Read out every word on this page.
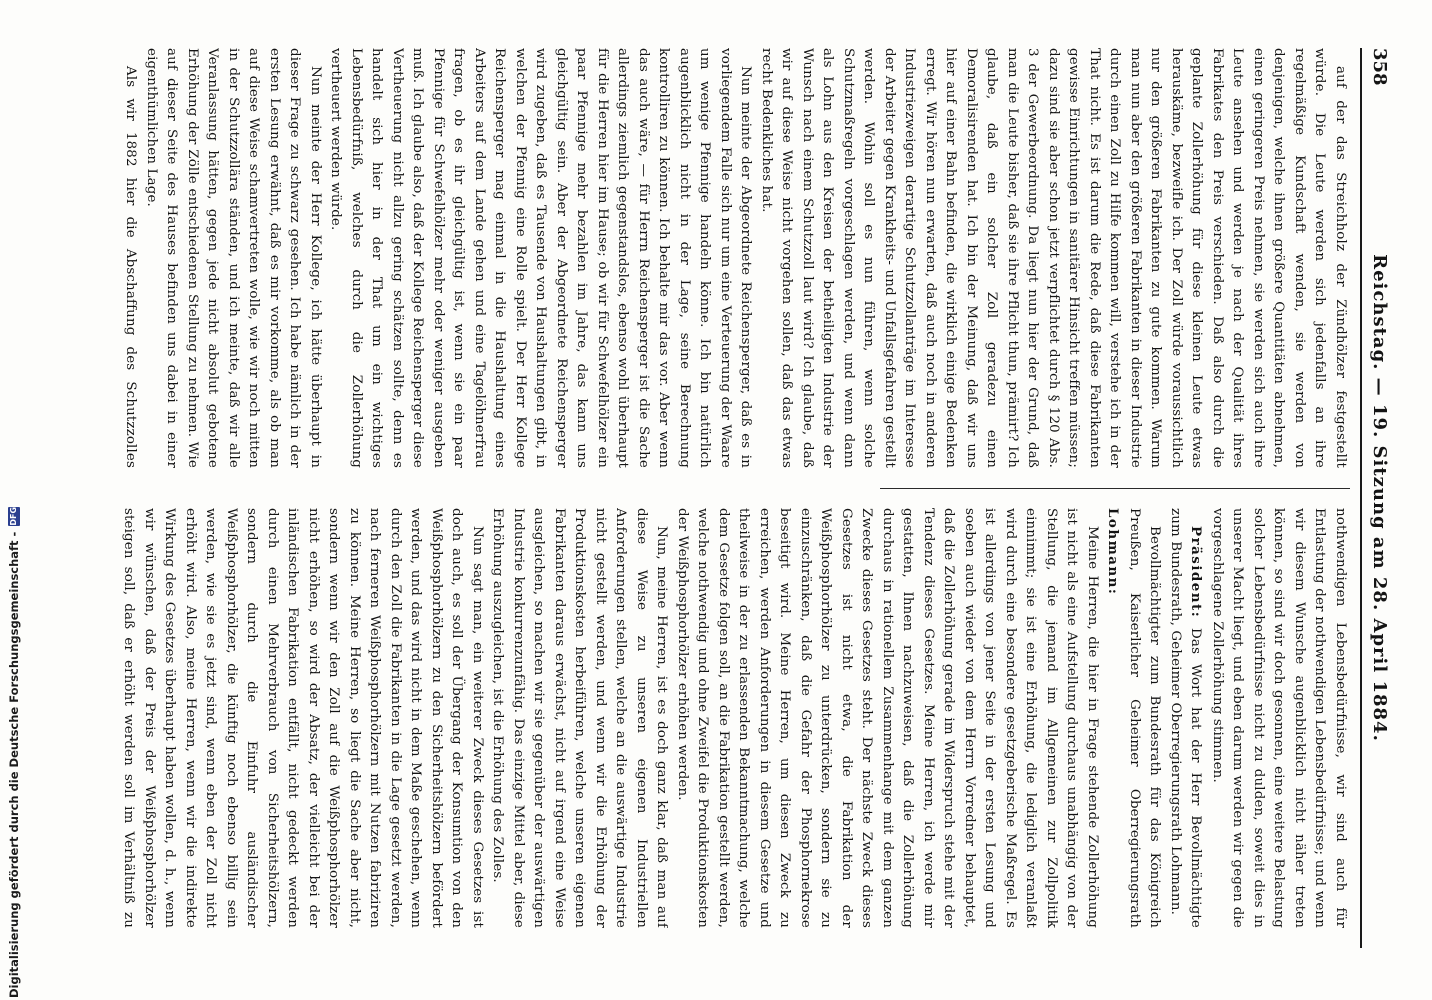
358
Reichstag. — 19. Sitzung am 28. April 1884.

auf der das Streichholz der Zündhölzer festgestellt würde. Die Leute werden sich jedenfalls an ihre regelmäßige Kundschaft wenden, sie werden von denjenigen, welche ihnen größere Quantitäten abnehmen, einen geringeren Preis nehmen, sie werden sich auch ihre Leute ansehen und werden je nach der Qualität ihres Fabrikates den Preis verschieden. Daß also durch die geplante Zollerhöhung für diese kleinen Leute etwas herauskäme, bezweifle ich. Der Zoll würde voraussichtlich nur den größeren Fabrikanten zu gute kommen. Warum man nun aber den größeren Fabrikanten in dieser Industrie durch einen Zoll zu Hilfe kommen will, verstehe ich in der That nicht. Es ist darum die Rede, daß diese Fabrikanten gewisse Einrichtungen in sanitärer Hinsicht treffen müssen; dazu sind sie aber schon jetzt verpflichtet durch § 120 Abs. 3 der Gewerbeordnung. Da liegt nun hier der Grund, daß man die Leute bisher, daß sie ihre Pflicht thun, prämirt? Ich glaube, daß ein solcher Zoll geradezu einen Demoralisirenden hat. Ich bin der Meinung, daß wir uns hier auf einer Bahn befinden, die wirklich einige Bedenken erregt. Wir hören nun erwarten, daß auch noch in anderen Industriezweigen derartige Schutzzollanträge im Interesse der Arbeiter gegen Krankheits- und Unfallsgefahren gestellt werden. Wohin soll es nun führen, wenn solche Schutzmaßregeln vorgeschlagen werden, und wenn dann als Lohn aus den Kreisen der betheiligten Industrie der Wunsch nach einem Schutzzoll laut wird? Ich glaube, daß wir auf diese Weise nicht vorgehen sollen, daß das etwas recht Bedenkliches hat.

Nun meinte der Abgeordnete Reichensperger, daß es in vorliegendem Falle sich nur um eine Verteuerung der Waare um wenige Pfennige handeln könne. Ich bin natürlich augenblicklich nicht in der Lage, seine Berechnung kontrolliren zu können. Ich behalte mir das vor. Aber wenn das auch wäre, — für Herrn Reichensperger ist die Sache allerdings ziemlich gegenstandslos, ebenso wohl überhaupt für die Herren hier im Hause; ob wir für Schwefelhölzer ein paar Pfennige mehr bezahlen im Jahre, das kann uns gleichgültig sein. Aber der Abgeordnete Reichensperger wird zugeben, daß es Tausende von Haushaltungen gibt, in welchen der Pfennig eine Rolle spielt. Der Herr Kollege Reichensperger mag einmal in die Haushaltung eines Arbeiters auf dem Lande gehen und eine Tagelöhnerfrau fragen, ob es ihr gleichgültig ist, wenn sie ein paar Pfennige für Schwefelhölzer mehr oder weniger ausgeben muß. Ich glaube also, daß der Kollege Reichensperger diese Vertheuerung nicht allzu gering schätzen sollte, denn es handelt sich hier in der That um ein wichtiges Lebensbedürfniß, welches durch die Zollerhöhung vertheuert werden würde.

Nun meinte der Herr Kollege, ich hätte überhaupt in dieser Frage zu schwarz gesehen. Ich habe nämlich in der ersten Lesung erwähnt, daß es mir vorkomme, als ob man auf diese Weise schamvertreten wolle, wie wir noch mitten in der Schutzzollära ständen, und ich meinte, daß wir alle Veranlassung hätten, gegen jede nicht absolut gebotene Erhöhung der Zölle entschiedenen Stellung zu nehmen. Wie auf dieser Seite des Hauses befinden uns dabei in einer eigenthümlichen Lage.

Als wir 1882 hier die Abschaffung des Schutzzolles

nothwendigen Lebensbedürfnisse, wir sind auch für Entlastung der nothwendigen Lebensbedürfnisse; und wenn wir diesem Wunsche augenblicklich nicht näher treten können, so sind wir doch gesonnen, eine weitere Belastung solcher Lebensbedürfnisse nicht zu dulden, soweit dies in unserer Macht liegt, und eben darum werden wir gegen die vorgeschlagene Zollerhöhung stimmen.

Präsident: Das Wort hat der Herr Bevollmächtigte zum Bundesrath, Geheimer Oberregierungsrath Lohmann.

Bevollmächtigter zum Bundesrath für das Königreich Preußen, Kaiserlicher Geheimer Oberregierungsrath Lohmann:

Meine Herren, die hier in Frage stehende Zollerhöhung ist nicht als eine Aufstellung durchaus unabhängig von der Stellung, die jemand im Allgemeinen zur Zollpolitik einnimmt; sie ist eine Erhöhung, die lediglich veranlaßt wird durch eine besondere gesetzgeberische Maßregel. Es ist allerdings von jener Seite in der ersten Lesung und soeben auch wieder von dem Herrn Vorredner behauptet, daß die Zollerhöhung gerade im Widerspruch stehe mit der Tendenz dieses Gesetzes. Meine Herren, ich werde mir gestatten, Ihnen nachzuweisen, daß die Zollerhöhung durchaus in rationellem Zusammenhange mit dem ganzen Zwecke dieses Gesetzes steht. Der nächste Zweck dieses Gesetzes ist nicht etwa, die Fabrikation der Weißphosphorhölzer zu unterdrücken, sondern sie zu einzuschränken, daß die Gefahr der Phosphornekrose beseitigt wird. Meine Herren, um diesen Zweck zu erreichen, werden Anforderungen in diesem Gesetze und theilweise in der zu erlassenden Bekanntmachung, welche dem Gesetze folgen soll, an die Fabrikation gestellt werden, welche nothwendig und ohne Zweifel die Produktionskosten der Weißphosphorhölzer erhöhen werden.

Nun, meine Herren, ist es doch ganz klar, daß man auf diese Weise zu unseren eigenen Industriellen Anforderungen stellen, welche an die auswärtige Industrie nicht gestellt werden, und wenn wir die Erhöhung der Produktionskosten herbeiführen, welche unseren eigenen Fabrikanten daraus erwächst, nicht auf irgend eine Weise ausgleichen, so machen wir sie gegenüber der auswärtigen Industrie konkurrenzunfähig. Das einzige Mittel aber, diese Erhöhung auszugleichen, ist die Erhöhung des Zolles.

Nun sagt man, ein weiterer Zweck dieses Gesetzes ist doch auch, es soll der Übergang der Konsumtion von den Weißphosphorhölzern zu den Sicherheitshölzern befördert werden, und das wird nicht in dem Maße geschehen, wenn durch den Zoll die Fabrikanten in die Lage gesetzt werden, nach ferneren Weißphosphorhölzern mit Nutzen fabriziren zu können. Meine Herren, so liegt die Sache aber nicht, sondern wenn wir den Zoll auf die Weißphosphorhölzer nicht erhöhen, so wird der Absatz, der vielleicht bei der inländischen Fabrikation entfällt, nicht gedeckt werden durch einen Mehrverbrauch von Sicherheitshölzern, sondern durch die Einfuhr ausländischer Weißphosphorhölzer, die künftig noch ebenso billig sein werden, wie sie es jetzt sind, wenn eben der Zoll nicht erhöht wird. Also, meine Herren, wenn wir die indirekte Wirkung des Gesetzes überhaupt haben wollen, d. h., wenn wir wünschen, daß der Preis der Weißphosphorhölzer steigen soll, daß er erhöht werden soll im Verhältniß zu

Digitalisierung gefördert durch die Deutsche Forschungsgemeinschaft -
DFG
